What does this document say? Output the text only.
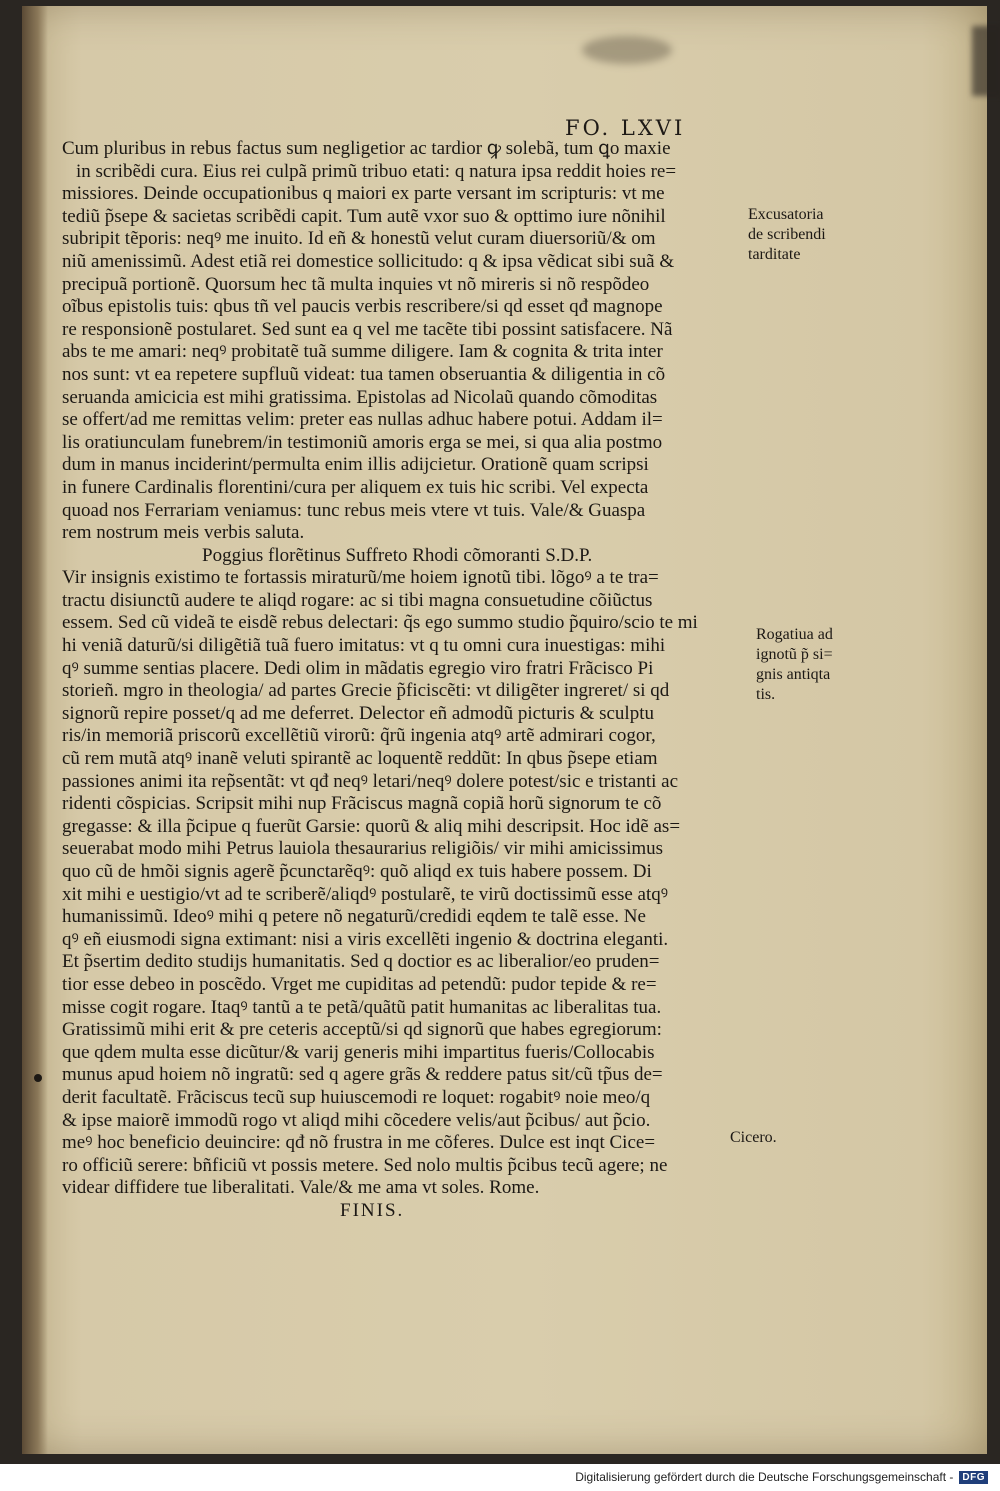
FO. LXVI
Cum pluribus in rebus factus sum negligetior ac tardior ꝙ solebã, tum ꝗo maxie
in scribẽdi cura. Eius rei culpã primũ tribuo etati: q natura ipsa reddit hoies re=
missiores. Deinde occupationibus q maiori ex parte versant im scripturis: vt me
tediũ p̃sepe & sacietas scribẽdi capit. Tum autẽ vxor suo & opttimo iure nõnihil
subripit tẽporis: neqꝰ me inuito. Id eñ & honestũ velut curam diuersoriũ/& om
niũ amenissimũ. Adest etiã rei domestice sollicitudo: q & ipsa vẽdicat sibi suã &
precipuã portionẽ. Quorsum hec tã multa inquies vt nõ mireris si nõ respõdeo
oĩbus epistolis tuis: qbus tñ vel paucis verbis rescribere/si qd esset qđ magnope
re responsionẽ postularet. Sed sunt ea q vel me tacẽte tibi possint satisfacere. Nã
abs te me amari: neqꝰ probitatẽ tuã summe diligere. Iam & cognita & trita inter
nos sunt: vt ea repetere supfluũ videat: tua tamen obseruantia & diligentia in cõ
seruanda amicicia est mihi gratissima. Epistolas ad Nicolaũ quando cõmoditas
se offert/ad me remittas velim: preter eas nullas adhuc habere potui. Addam il=
lis oratiunculam funebrem/in testimoniũ amoris erga se mei, si qua alia postmo
dum in manus inciderint/permulta enim illis adijcietur. Orationẽ quam scripsi
in funere Cardinalis florentini/cura per aliquem ex tuis hic scribi. Vel expecta
quoad nos Ferrariam veniamus: tunc rebus meis vtere vt tuis. Vale/& Guaspa
rem nostrum meis verbis saluta.
Poggius florẽtinus Suffreto Rhodi cõmoranti S.D.P.
Vir insignis existimo te fortassis miraturũ/me hoiem ignotũ tibi. lõgoꝰ a te tra=
tractu disiunctũ audere te aliqd rogare: ac si tibi magna consuetudine cõiũctus
essem. Sed cũ videã te eisdẽ rebus delectari: q̃s ego summo studio p̃quiro/scio te mi
hi veniã daturũ/si diligẽtiã tuã fuero imitatus: vt q tu omni cura inuestigas: mihi
qꝰ summe sentias placere. Dedi olim in mãdatis egregio viro fratri Frãcisco Pi
storieñ. mgro in theologia/ ad partes Grecie p̃ficiscẽti: vt diligẽter ingreret/ si qd
signorũ repire posset/q ad me deferret. Delector eñ admodũ picturis & sculptu
ris/in memoriã priscorũ excellẽtiũ virorũ: q̃rũ ingenia atqꝰ artẽ admirari cogor,
cũ rem mutã atqꝰ inanẽ veluti spirantẽ ac loquentẽ reddũt: In qbus p̃sepe etiam
passiones animi ita rep̃sentãt: vt qđ neqꝰ letari/neqꝰ dolere potest/sic e tristanti ac
ridenti cõspicias. Scripsit mihi nup Frãciscus magnã copiã horũ signorum te cõ
gregasse: & illa p̃cipue q fuerũt Garsie: quorũ & aliq mihi descripsit. Hoc idẽ as=
seuerabat modo mihi Petrus lauiola thesaurarius religiõis/ vir mihi amicissimus
quo cũ de hmõi signis agerẽ p̃cunctarẽqꝰ: quõ aliqd ex tuis habere possem. Di
xit mihi e uestigio/vt ad te scriberẽ/aliqdꝰ postularẽ, te virũ doctissimũ esse atqꝰ
humanissimũ. Ideoꝰ mihi q petere nõ negaturũ/credidi eqdem te talẽ esse. Ne
qꝰ eñ eiusmodi signa extimant: nisi a viris excellẽti ingenio & doctrina eleganti.
Et p̃sertim dedito studijs humanitatis. Sed q doctior es ac liberalior/eo pruden=
tior esse debeo in poscẽdo. Vrget me cupiditas ad petendũ: pudor tepide & re=
misse cogit rogare. Itaqꝰ tantũ a te petã/quãtũ patit humanitas ac liberalitas tua.
Gratissimũ mihi erit & pre ceteris acceptũ/si qd signorũ que habes egregiorum:
que qdem multa esse dicũtur/& varij generis mihi impartitus fueris/Collocabis
munus apud hoiem nõ ingratũ: sed q agere grãs & reddere patus sit/cũ tp̃us de=
derit facultatẽ. Frãciscus tecũ sup huiuscemodi re loquet: rogabitꝰ noie meo/q
& ipse maiorẽ immodũ rogo vt aliqd mihi cõcedere velis/aut p̃cibus/ aut p̃cio.
meꝰ hoc beneficio deuincire: qđ nõ frustra in me cõferes. Dulce est inqt Cice=
ro officiũ serere: bñficiũ vt possis metere. Sed nolo multis p̃cibus tecũ agere; ne
videar diffidere tue liberalitati. Vale/& me ama vt soles. Rome.
FINIS.
Excusatoria
de scribendi
tarditate
Rogatiua ad
ignotũ p̃ si=
gnis antiqta
tis.
Cicero.
Digitalisierung gefördert durch die Deutsche Forschungsgemeinschaft - DFG
